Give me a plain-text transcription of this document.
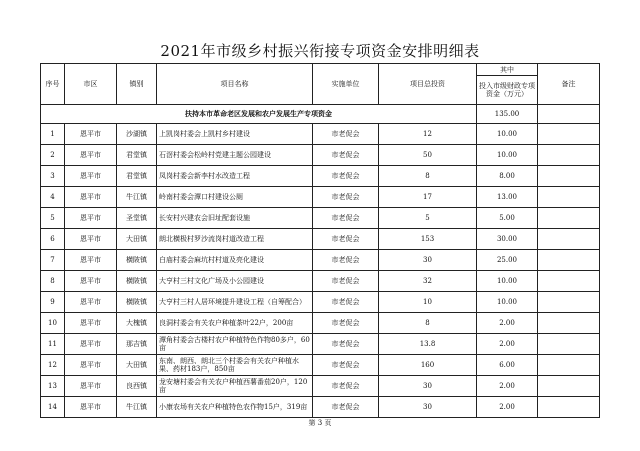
2021年市级乡村振兴衔接专项资金安排明细表
序号	市区	镇别	项目名称	实施单位	项目总投资	其中	备注
						投入市级财政专项资金（万元）	
扶持本市革命老区发展和农户发展生产专项资金						135.00	
1	恩平市	沙湖镇	上凯岗村委会上凯村乡村建设	市老促会	12	10.00	
2	恩平市	君堂镇	石滘村委会松岭村党建主题公园建设	市老促会	50	10.00	
3	恩平市	君堂镇	凤岗村委会新李村水改造工程	市老促会	8	8.00	
4	恩平市	牛江镇	岭南村委会潭口村建设公厕	市老促会	17	13.00	
5	恩平市	圣堂镇	长安村兴建农会旧址配套设施	市老促会	5	5.00	
6	恩平市	大田镇	朗北横极村罗沙流岗村道改造工程	市老促会	153	30.00	
7	恩平市	横陂镇	白庙村委会麻坑村村道及亮化建设	市老促会	30	25.00	
8	恩平市	横陂镇	大亨村三村文化广场及小公园建设	市老促会	32	10.00	
9	恩平市	横陂镇	大亨村三村人居环境提升建设工程（自筹配合）	市老促会	10	10.00	
10	恩平市	大槐镇	良洞村委会有关农户种植茶叶22户，200亩	市老促会	8	2.00	
11	恩平市	那吉镇	潭角村委会古楼村农户种植特色作物80多户，60亩	市老促会	13.8	2.00	
12	恩平市	大田镇	东南、朗西、朗北三个村委会有关农户种植水果、药材183户，850亩	市老促会	160	6.00	
13	恩平市	良西镇	龙安塘村委会有关农户种植西薯番茄20户，120亩	市老促会	30	2.00	
14	恩平市	牛江镇	小康农场有关农户种植特色农作物15户，319亩	市老促会	30	2.00	
第 3 页
